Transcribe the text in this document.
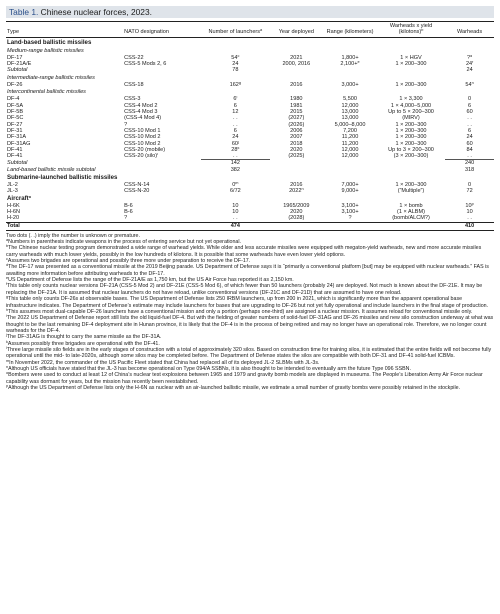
Table 1. Chinese nuclear forces, 2023.
Type	NATO designation	Number of launchers$^a$	Year deployed	Range (kilometers)	Warheads x yield (kilotons)$^b$	Warheads
Land-based ballistic missiles						
Medium-range ballistic missiles						
DF-17	CSS-22	54$^c$	2021	1,800+	1 × HGV	?$^d$
DF-21A/E	CSS-5 Mods 2, 6	24	2000, 2016	2,100+$^e$	1 × 200–300	24$^f$
Subtotal		78				24
Intermediate-range ballistic missiles						
DF-26	CSS-18	162$^g$	2016	3,000+	1 × 200–300	54$^h$
Intercontinental ballistic missiles						
DF-4	CSS-3	6$^i$	1980	5,500	1 × 3,300	0
DF-5A	CSS-4 Mod 2	6	1981	12,000	1 × 4,000–5,000	6
DF-5B	CSS-4 Mod 3	12	2015	13,000	Up to 5 × 200–300	60
DF-5C	(CSS-4 Mod 4)	. .	(2027)	13,000	(MIRV)	. .
DF-27	?	. .	(2026)	5,000–8,000	1 × 200–300	. .
DF-31	CSS-10 Mod 1	6	2006	7,200	1 × 200–300	6
DF-31A	CSS-10 Mod 2	24	2007	11,200	1 × 200–300	24
DF-31AG	CSS-10 Mod 2	60$^j$	2018	11,200	1 × 200–300	60
DF-41	CSS-20 (mobile)	28$^k$	2020	12,000	Up to 3 × 200–300	84
DF-41	CSS-20 (silo)$^l$	. .	(2025)	12,000	(3 × 200–300)	. .
Subtotal		142				240
Land-based ballistic missile subtotal		382				318
Submarine-launched ballistic missiles						
JL-2	CSS-N-14	0$^m$	2016	7,000+	1 × 200–300	0
JL-3	CSS-N-20	6/72	2022$^n$	9,000+	(“Multiple”)	72
Aircraft$^o$
H-6K	B-6	10	1965/2009	3,100+	1 × bomb	10$^p$
H-6N	B-6	10	2020	3,100+	(1 × ALBM)	10
H-20	?	. .	(2028)	?	(bomb/ALCM?)	. .
Total		474				410

Two dots (. .) imply the number is unknown or premature.

$^a$Numbers in parenthesis indicate weapons in the process of entering service but not yet operational.

$^b$The Chinese nuclear testing program demonstrated a wide range of warhead yields. While older and less accurate missiles were equipped with megaton-yield warheads, new and more accurate missiles carry warheads with much lower yields, possibly in the low hundreds of kilotons. It is possible that some warheads have even lower yield options.

$^c$Assumes two brigades are operational and possibly three more under preparation to receive the DF-17.

$^d$The DF-17 was presented as a conventional missile at the 2019 Beijing parade. US Department of Defense says it is “primarily a conventional platform [but] may be equipped with nuclear warheads.” FAS is awaiting more information before attributing warheads to the DF-17.

$^e$US Department of Defense lists the range of the DF-21A/E as 1,750 km, but the US Air Force has reported it as 2,150 km.

$^f$This table only counts nuclear versions DF-21A (CSS-5 Mod 2) and DF-21E (CSS-5 Mod 6), of which fewer than 50 launchers (probably 24) are deployed. Not much is known about the DF-21E. It may be replacing the DF-21A. It is assumed that nuclear launchers do not have reload, unlike conventional versions (DF-21C and DF-21D) that are assumed to have one reload.

$^g$This table only counts DF-26s at observable bases. The US Department of Defense lists 250 IRBM launchers, up from 200 in 2021, which is significantly more than the apparent operational base infrastructure indicates. The Department of Defense’s estimate may include launchers for bases that are upgrading to DF-26 but not yet fully operational and include launchers in the final stage of production.

$^h$This assumes most dual-capable DF-26 launchers have a conventional mission and only a portion (perhaps one-third) are assigned a nuclear mission. It assumes reload for conventional missile only.

$^i$The 2022 US Department of Defense report still lists the old liquid-fuel DF-4. But with the fielding of greater numbers of solid-fuel DF-31AG and DF-26 missiles and new silo construction underway at what was thought to be the last remaining DF-4 deployment site in Hunan province, it is likely that the DF-4 is in the process of being retired and may no longer have an operational role. Therefore, we no longer count warheads for the DF-4.

$^j$The DF-31AG is thought to carry the same missile as the DF-31A.

$^k$Assumes possibly three brigades are operational with the DF-41.

$^l$Three large missile silo fields are in the early stages of construction with a total of approximately 320 silos. Based on construction time for training silos, it is estimated that the entire fields will not become fully operational until the mid- to late-2020s, although some silos may be completed before. The Department of Defense states the silos are compatible with both DF-31 and DF-41 solid-fuel ICBMs.

$^m$In November 2022, the commander of the US Pacific Fleet stated that China had replaced all of its deployed JL-2 SLBMs with JL-3s.

$^n$Although US officials have stated that the JL-3 has become operational on Type 094/A SSBNs, it is also thought to be intended to eventually arm the future Type 096 SSBN.

$^o$Bombers were used to conduct at least 12 of China’s nuclear test explosions between 1965 and 1979 and gravity bomb models are displayed in museums. The People’s Liberation Army Air Force nuclear capability was dormant for years, but the mission has recently been reestablished.

$^p$Although the US Department of Defense lists only the H-6N as nuclear with an air-launched ballistic missile, we estimate a small number of gravity bombs were possibly retained in the stockpile.
